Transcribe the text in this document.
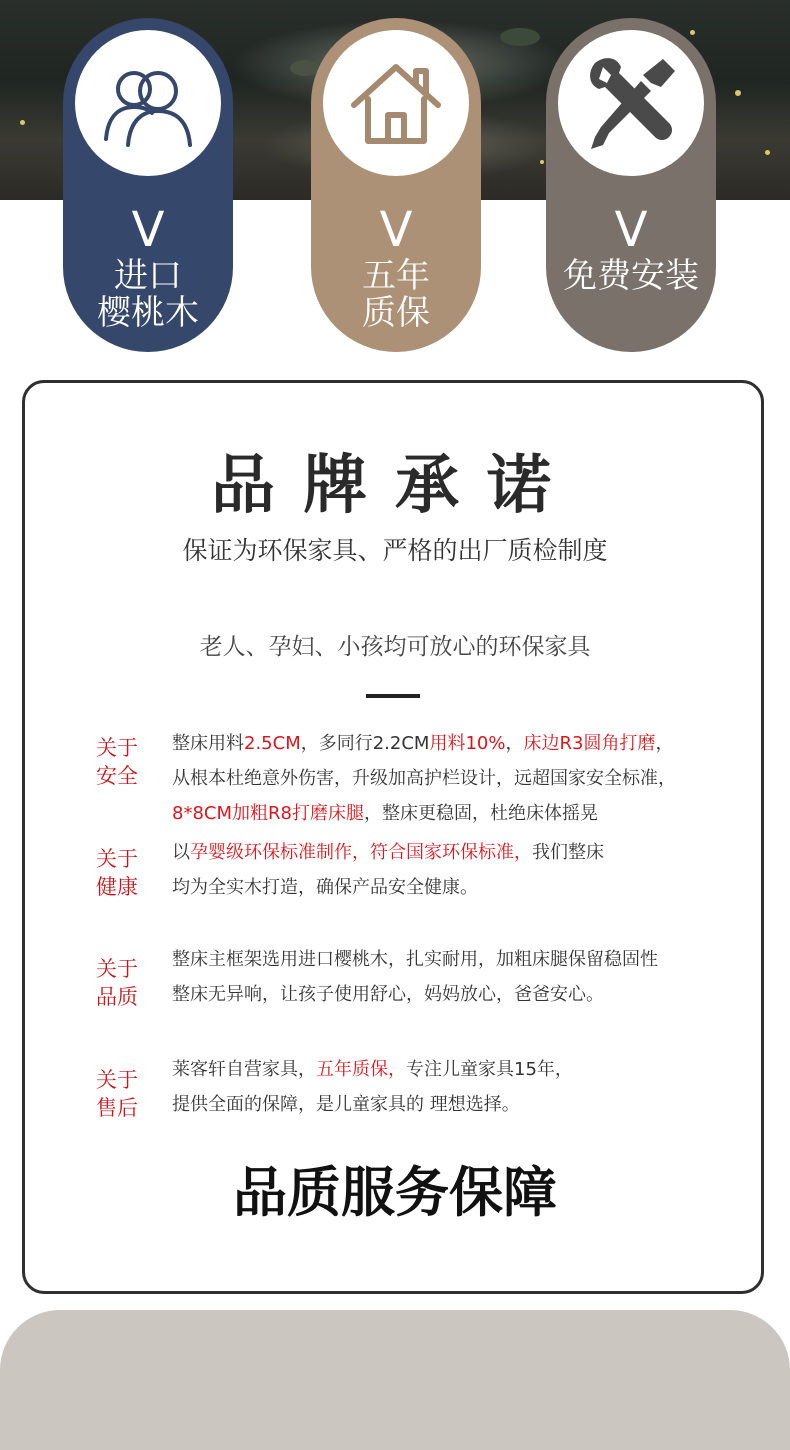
V
进口
樱桃木
V
五年
质保
V
免费安装
品牌承诺
保证为环保家具、严格的出厂质检制度
老人、孕妇、小孩均可放心的环保家具
关于
安全
整床用料2.5CM，多同行2.2CM用料10%，床边R3圆角打磨，
从根本杜绝意外伤害，升级加高护栏设计，远超国家安全标准，
8*8CM加粗R8打磨床腿，整床更稳固，杜绝床体摇晃
关于
健康
以孕婴级环保标准制作，符合国家环保标准，我们整床
均为全实木打造，确保产品安全健康。
关于
品质
整床主框架选用进口樱桃木，扎实耐用，加粗床腿保留稳固性
整床无异响，让孩子使用舒心，妈妈放心，爸爸安心。
关于
售后
莱客轩自营家具，五年质保，专注儿童家具15年，
提供全面的保障，是儿童家具的 理想选择。
品质服务保障
